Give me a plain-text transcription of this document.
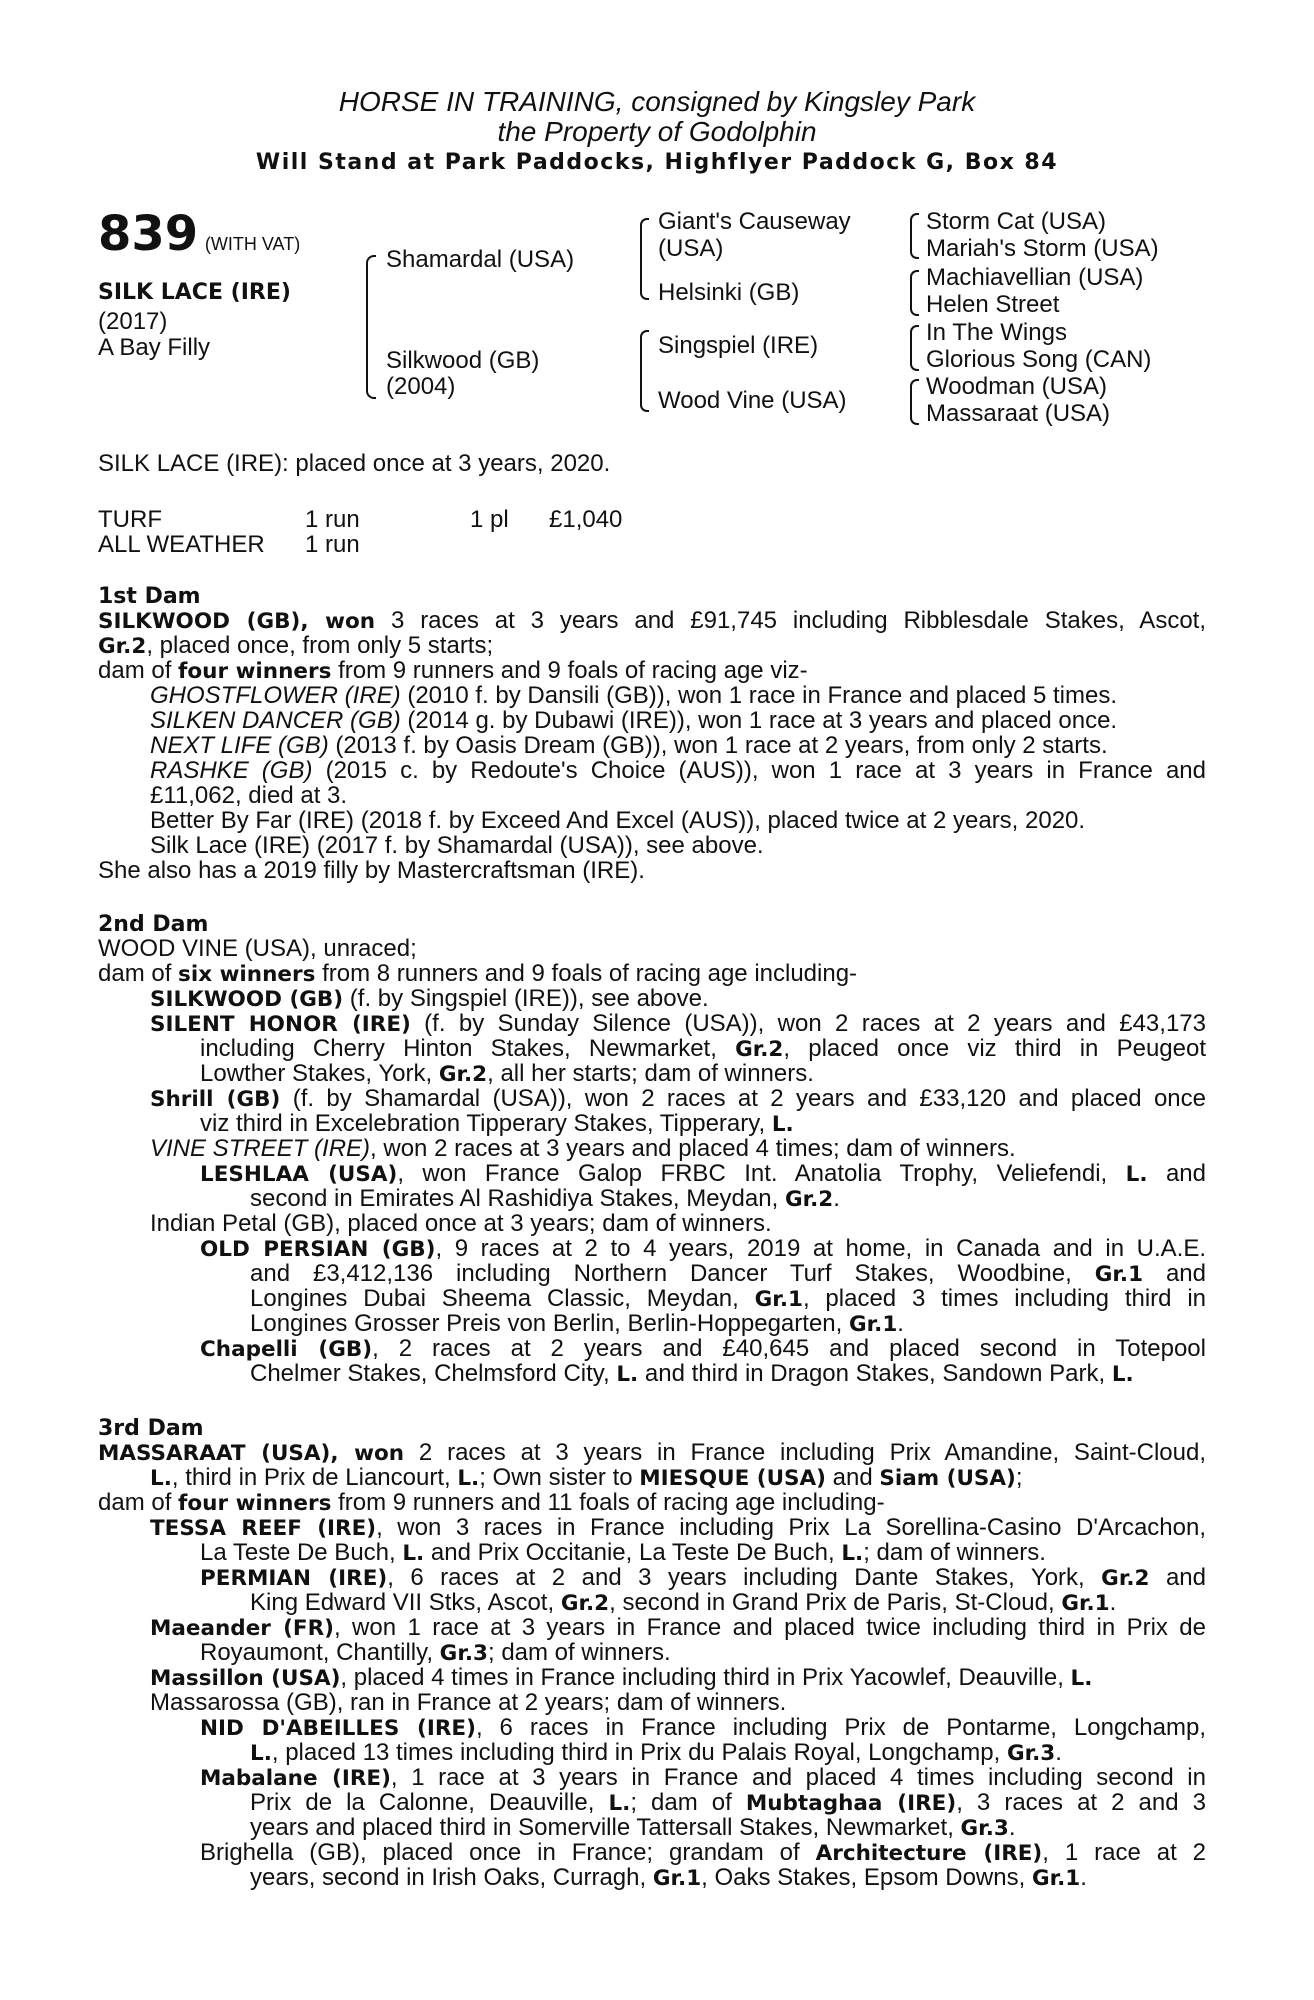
HORSE IN TRAINING, consigned by Kingsley Park
the Property of Godolphin
Will Stand at Park Paddocks, Highflyer Paddock G, Box 84
839 (WITH VAT)
SILK LACE (IRE)
(2017)
A Bay Filly
Shamardal (USA)
Silkwood (GB)
(2004)
Giant's Causeway
(USA)
Helsinki (GB)
Singspiel (IRE)
Wood Vine (USA)
Storm Cat (USA)
Mariah's Storm (USA)
Machiavellian (USA)
Helen Street
In The Wings
Glorious Song (CAN)
Woodman (USA)
Massaraat (USA)
SILK LACE (IRE): placed once at 3 years, 2020.
TURF	1 run	1 pl £1,040
ALL WEATHER 1 run
1st Dam
SILKWOOD (GB), won 3 races at 3 years and £91,745 including Ribblesdale Stakes, Ascot,
Gr.2, placed once, from only 5 starts;
dam of four winners from 9 runners and 9 foals of racing age viz-
GHOSTFLOWER (IRE) (2010 f. by Dansili (GB)), won 1 race in France and placed 5 times.
SILKEN DANCER (GB) (2014 g. by Dubawi (IRE)), won 1 race at 3 years and placed once.
NEXT LIFE (GB) (2013 f. by Oasis Dream (GB)), won 1 race at 2 years, from only 2 starts.
RASHKE (GB) (2015 c. by Redoute's Choice (AUS)), won 1 race at 3 years in France and
£11,062, died at 3.
Better By Far (IRE) (2018 f. by Exceed And Excel (AUS)), placed twice at 2 years, 2020.
Silk Lace (IRE) (2017 f. by Shamardal (USA)), see above.
She also has a 2019 filly by Mastercraftsman (IRE).
2nd Dam
WOOD VINE (USA), unraced;
dam of six winners from 8 runners and 9 foals of racing age including-
SILKWOOD (GB) (f. by Singspiel (IRE)), see above.
SILENT HONOR (IRE) (f. by Sunday Silence (USA)), won 2 races at 2 years and £43,173
including Cherry Hinton Stakes, Newmarket, Gr.2, placed once viz third in Peugeot
Lowther Stakes, York, Gr.2, all her starts; dam of winners.
Shrill (GB) (f. by Shamardal (USA)), won 2 races at 2 years and £33,120 and placed once
viz third in Excelebration Tipperary Stakes, Tipperary, L.
VINE STREET (IRE), won 2 races at 3 years and placed 4 times; dam of winners.
LESHLAA (USA), won France Galop FRBC Int. Anatolia Trophy, Veliefendi, L. and
second in Emirates Al Rashidiya Stakes, Meydan, Gr.2.
Indian Petal (GB), placed once at 3 years; dam of winners.
OLD PERSIAN (GB), 9 races at 2 to 4 years, 2019 at home, in Canada and in U.A.E.
and £3,412,136 including Northern Dancer Turf Stakes, Woodbine, Gr.1 and
Longines Dubai Sheema Classic, Meydan, Gr.1, placed 3 times including third in
Longines Grosser Preis von Berlin, Berlin-Hoppegarten, Gr.1.
Chapelli (GB), 2 races at 2 years and £40,645 and placed second in Totepool
Chelmer Stakes, Chelmsford City, L. and third in Dragon Stakes, Sandown Park, L.
3rd Dam
MASSARAAT (USA), won 2 races at 3 years in France including Prix Amandine, Saint-Cloud,
L., third in Prix de Liancourt, L.; Own sister to MIESQUE (USA) and Siam (USA);
dam of four winners from 9 runners and 11 foals of racing age including-
TESSA REEF (IRE), won 3 races in France including Prix La Sorellina-Casino D'Arcachon,
La Teste De Buch, L. and Prix Occitanie, La Teste De Buch, L.; dam of winners.
PERMIAN (IRE), 6 races at 2 and 3 years including Dante Stakes, York, Gr.2 and
King Edward VII Stks, Ascot, Gr.2, second in Grand Prix de Paris, St-Cloud, Gr.1.
Maeander (FR), won 1 race at 3 years in France and placed twice including third in Prix de
Royaumont, Chantilly, Gr.3; dam of winners.
Massillon (USA), placed 4 times in France including third in Prix Yacowlef, Deauville, L.
Massarossa (GB), ran in France at 2 years; dam of winners.
NID D'ABEILLES (IRE), 6 races in France including Prix de Pontarme, Longchamp,
L., placed 13 times including third in Prix du Palais Royal, Longchamp, Gr.3.
Mabalane (IRE), 1 race at 3 years in France and placed 4 times including second in
Prix de la Calonne, Deauville, L.; dam of Mubtaghaa (IRE), 3 races at 2 and 3
years and placed third in Somerville Tattersall Stakes, Newmarket, Gr.3.
Brighella (GB), placed once in France; grandam of Architecture (IRE), 1 race at 2
years, second in Irish Oaks, Curragh, Gr.1, Oaks Stakes, Epsom Downs, Gr.1.
